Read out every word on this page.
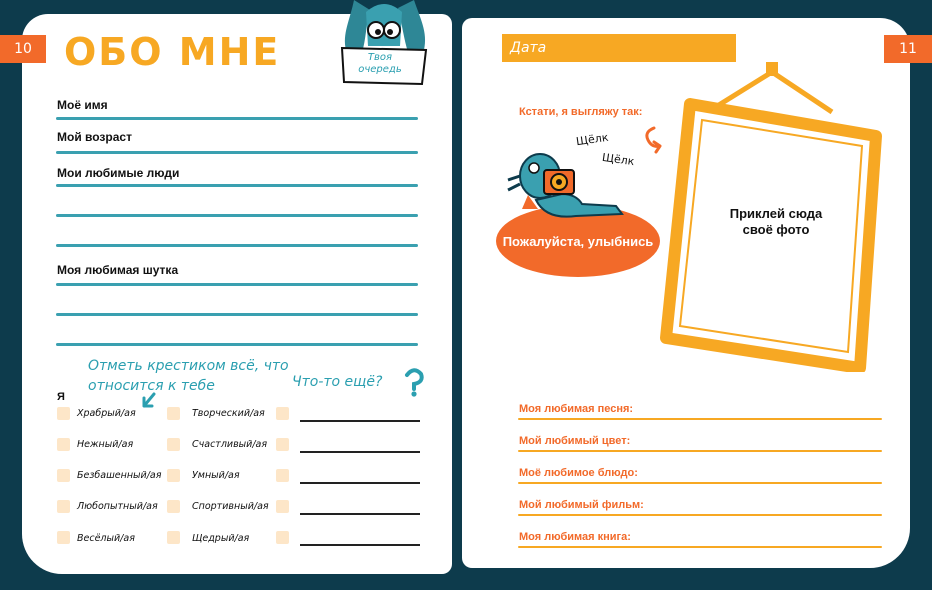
10	11
ОБО МНЕ	Твоя очередь
Моё имя
Мой возраст
Мои любимые люди
Моя любимая шутка
Отметь крестиком всё, что относится к тебе	Что-то ещё?
Я
Храбрый/ая
Нежный/ая
Безбашенный/ая
Любопытный/ая
Весёлый/ая
Творческий/ая
Счастливый/ая
Умный/ая
Спортивный/ая
Щедрый/ая
Дата
Кстати, я выгляжу так:
Щёлк
Щёлк
Пожалуйста, улыбнись
Приклей сюда своё фото
Моя любимая песня:
Мой любимый цвет:
Моё любимое блюдо:
Мой любимый фильм:
Моя любимая книга:
